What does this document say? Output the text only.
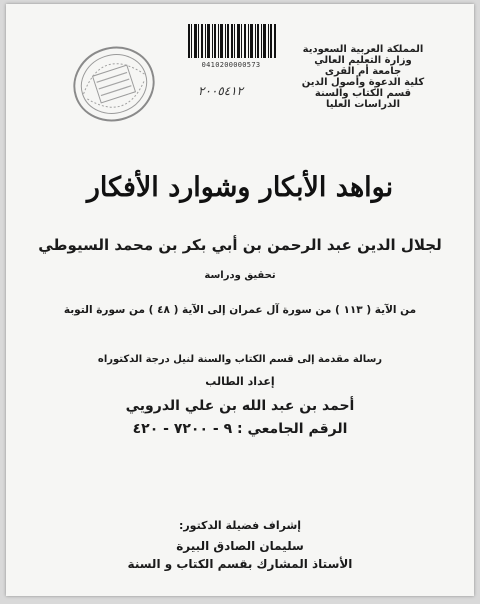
المملكة العربية السعودية
وزارة التعليم العالي
جامعة أم القرى
كلية الدعوة وأصول الدين
قسم الكتاب والسنة
الدراسات العليا
0410200000573
٢٠٠٥٤١٢
نواهد الأبكار وشوارد الأفكار
لجلال الدين عبد الرحمن بن أبي بكر بن محمد السيوطي
تحقيق ودراسة
من الآية ( ١١٣ ) من سورة آل عمران إلى الآية ( ٤٨ ) من سورة التوبة
رسالة مقدمة إلى قسم الكتاب والسنة لنيل درجة الدكتوراه
إعداد الطالب
أحمد بن عبد الله بن علي الدرويي
الرقم الجامعي : ٩ - ٧٢٠٠ - ٤٢٠
إشراف فضيلة الدكتور:
سليمان الصادق البيرة
الأستاذ المشارك بقسم الكتاب و السنة
